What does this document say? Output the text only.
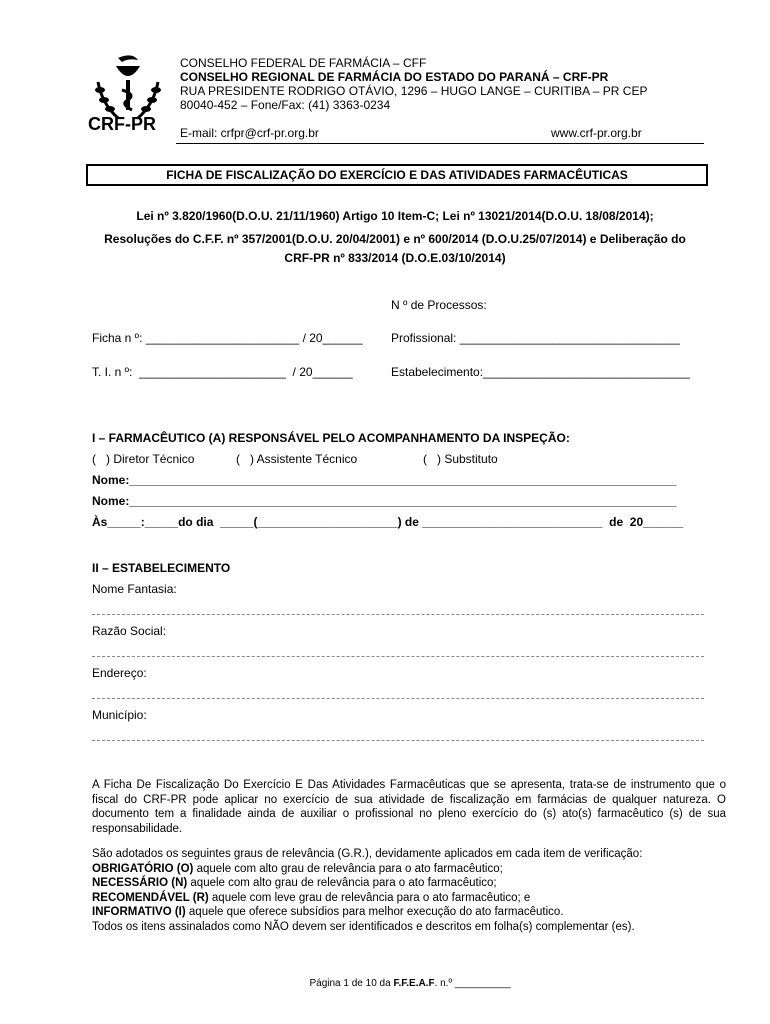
CRF-PR
CONSELHO FEDERAL DE FARMÁCIA – CFF
CONSELHO REGIONAL DE FARMÁCIA DO ESTADO DO PARANÁ – CRF-PR
RUA PRESIDENTE RODRIGO OTÁVIO, 1296 – HUGO LANGE – CURITIBA – PR CEP
80040-452 – Fone/Fax: (41) 3363-0234
E-mail: crfpr@crf-pr.org.br	www.crf-pr.org.br
FICHA DE FISCALIZAÇÃO DO EXERCÍCIO E DAS ATIVIDADES FARMACÊUTICAS
Lei nº 3.820/1960(D.O.U. 21/11/1960) Artigo 10 Item-C; Lei nº 13021/2014(D.O.U. 18/08/2014);
Resoluções do C.F.F. nº 357/2001(D.O.U. 20/04/2001) e nº 600/2014 (D.O.U.25/07/2014) e Deliberação do
CRF-PR nº 833/2014 (D.O.E.03/10/2014)
N º de Processos:
Ficha n º: _______________________ / 20______ Profissional: _________________________________
T. I. n º:  ______________________  / 20______	Estabelecimento:_______________________________
I – FARMACÊUTICO (A) RESPONSÁVEL PELO ACOMPANHAMENTO DA INSPEÇÃO:
(   ) Diretor Técnico	(   ) Assistente Técnico	(   ) Substituto
Nome:__________________________________________________________________________________
Nome:__________________________________________________________________________________
Às_____:_____do dia  _____(_____________________) de ___________________________  de  20______
II – ESTABELECIMENTO
Nome Fantasia:
Razão Social:
Endereço:
Município:
A Ficha De Fiscalização Do Exercício E Das Atividades Farmacêuticas que se apresenta, trata-se de instrumento que o fiscal do CRF-PR pode aplicar no exercício de sua atividade de fiscalização em farmácias de qualquer natureza. O documento tem a finalidade ainda de auxiliar o profissional no pleno exercício do (s) ato(s) farmacêutico (s) de sua responsabilidade.
São adotados os seguintes graus de relevância (G.R.), devidamente aplicados em cada item de verificação:
OBRIGATÓRIO (O) aquele com alto grau de relevância para o ato farmacêutico;
NECESSÁRIO (N) aquele com alto grau de relevância para o ato farmacêutico;
RECOMENDÁVEL (R) aquele com leve grau de relevância para o ato farmacêutico; e
INFORMATIVO (I) aquele que oferece subsídios para melhor execução do ato farmacêutico.
Todos os itens assinalados como NÃO devem ser identificados e descritos em folha(s) complementar (es).
Página 1 de 10 da F.F.E.A.F. n.º __________
